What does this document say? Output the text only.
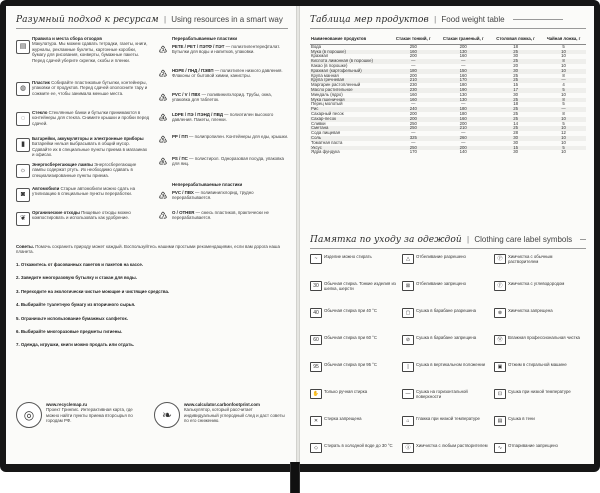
Разумный подход к ресурсам | Using resources in a smart way
▤
Правила и места сбора отходов
Макулатура. Мы можем сдавать тетрадки, газеты, книги, журналы, рекламные буклеты, картонные коробки, бумагу для рисования, конверты, бумажные пакеты. Перед сдачей уберите скрепки, скобы и пленки.
◍
Пластик Собирайте пластиковые бутылки, контейнеры, упаковки от продуктов. Перед сдачей ополосните тару и сожмите ее, чтобы занимала меньше места.
◌
Стекло Стеклянные банки и бутылки принимаются в контейнеры для стекла. Снимите крышки и пробки перед сдачей.
▮
Батарейки, аккумуляторы и электронные приборы Батарейки нельзя выбрасывать в общий мусор. Сдавайте их в специальные пункты приема в магазинах и офисах.
☼
Энергосберегающие лампы Энергосберегающие лампы содержат ртуть. Их необходимо сдавать в специализированные пункты приема.
◙
Автомобили Старые автомобили можно сдать на утилизацию в специальные пункты переработки.
❦
Органические отходы Пищевые отходы можно компостировать и использовать как удобрение.
Перерабатываемые пластики
♳	PETE / PET / ПЭТФ / ПЭТ — полиэтилентерефталат. Бутылки для воды и напитков, упаковки.
♴	HDPE / ПНД / ПЭВП — полиэтилен низкого давления. Флаконы от бытовой химии, канистры.
♵	PVC / V / ПВХ — поливинилхлорид. Трубы, окна, упаковка для таблеток.
♶	LDPE / ПЭ / ПЭНД / ПВД — полиэтилен высокого давления. Пакеты, пленки.
♷	PP / ПП — полипропилен. Контейнеры для еды, крышки.
♸	PS / ПС — полистирол. Одноразовая посуда, упаковка для яиц.
Неперерабатываемые пластики
♵	PVC / ПВХ — поливинилхлорид, трудно перерабатывается.
♹	O / OTHER — смесь пластиков, практически не перерабатывается.
Советы. Помочь сохранить природу может каждый. Воспользуйтесь нашими простыми рекомендациями, если вам дорога наша планета.
1. Откажитесь от фасованных пакетов и пакетов на кассе.
2. Заведите многоразовую бутылку и стакан для воды.
3. Переходите на экологически чистые моющие и чистящие средства.
4. Выбирайте туалетную бумагу из вторичного сырья.
5. Ограничьте использование бумажных салфеток.
6. Выбирайте многоразовые предметы гигиены.
7. Одежда, игрушки, книги можно продать или отдать.
◎
www.recyclemap.ru
Проект Гринпис. Интерактивная карта, где можно найти пункты приема вторсырья по городам РФ.	❧
www.calculator.carbonfootprint.com
Калькулятор, который рассчитает индивидуальный углеродный след и даст советы по его снижению.
Таблица мер продуктов | Food weight table
Наименование продуктов	Стакан тонкий, г	Стакан граненый, г	Столовая ложка, г	Чайная ложка, г
Вода	250	200	18	5
Мука (в порошке)	160	130	25	10
Крахмал	200	160	30	10
Кислота лимонная (в порошке)	—	—	25	8
Какао (в порошке)	—	—	20	10
Крахмал (картофельный)	180	150	30	10
Крупа манная	200	160	25	8
Крупа гречневая	210	170	25	—
Маргарин растопленный	230	180	15	4
Масло растительное	230	190	17	5
Миндаль (ядро)	160	130	30	10
Мука пшеничная	160	130	25	8
Перец молотый	—	—	18	5
Рис	240	180	25	—
Сахарный песок	200	180	25	8
Сахар-песок	200	160	25	10
Сливки	250	200	14	5
Сметана	250	210	25	10
Сода пищевая	—	—	28	12
Соль	325	260	30	10
Томатная паста	—	—	30	10
Уксус	250	200	15	5
Ядра фундука	170	140	30	10
Памятка по уходу за одеждой | Clothing care label symbols
~	Изделие можно стирать
30	Обычная стирка. Тонкие изделия из шелка, шерсти
40	Обычная стирка при 40 °C
60	Обычная стирка при 60 °C
95	Обычная стирка при 95 °C
✋	Только ручная стирка
✕	Стирка запрещена
◇	Стирать в холодной воде до 30 °C
△	Отбеливание разрешено
⊠	Отбеливание запрещено
▢	Сушка в барабане разрешена
⊘	Сушка в барабане запрещена
|	Сушка в вертикальном положении
—	Сушка на горизонтальной поверхности
⌂	Глажка при низкой температуре
Ⓐ	Химчистка с любым растворителем
Ⓟ	Химчистка с обычным растворителем
Ⓕ	Химчистка с углеводородом
⊗	Химчистка запрещена
Ⓦ	Влажная профессиональная чистка
▣	Отжим в стиральной машине
⊡	Сушка при низкой температуре
▤	Сушка в тени
∿	Отпаривание запрещено
